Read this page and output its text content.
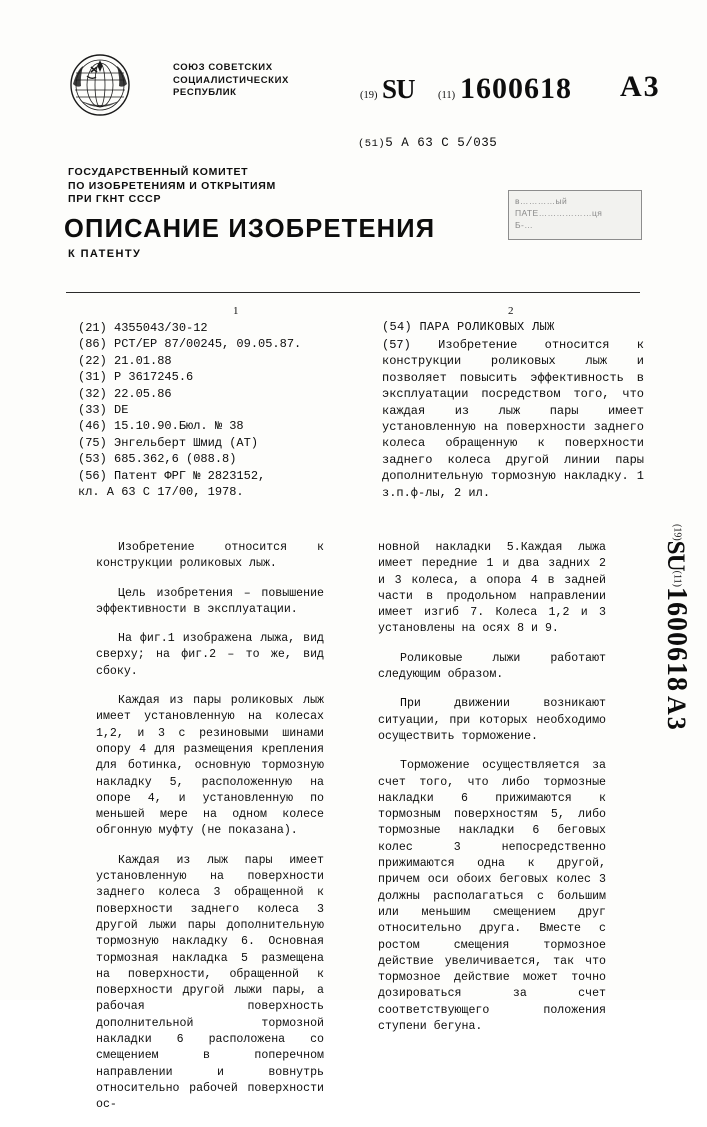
СОЮЗ СОВЕТСКИХ
СОЦИАЛИСТИЧЕСКИХ
РЕСПУБЛИК	(19) SU (11) 1600618 A3
(51)5 A 63 C 5/035
ГОСУДАРСТВЕННЫЙ КОМИТЕТ
ПО ИЗОБРЕТЕНИЯМ И ОТКРЫТИЯМ
ПРИ ГКНТ СССР
ОПИСАНИЕ ИЗОБРЕТЕНИЯ
К ПАТЕНТУ
в…………ый
ПАТЕ………………ця
Б-…
1	2
(21) 4355043/30-12
(86) PCT/EP 87/00245, 09.05.87.
(22) 21.01.88
(31) P 3617245.6
(32) 22.05.86
(33) DE
(46) 15.10.90.Бюл. № 38
(75) Энгельберт Шмид (АТ)
(53) 685.362,6 (088.8)
(56) Патент ФРГ № 2823152,
кл. А 63 С 17/00, 1978.
(54) ПАРА РОЛИКОВЫХ ЛЫЖ

(57) Изобретение относится к конструкции роликовых лыж и позволяет повысить эффективность в эксплуатации посредством того, что каждая из лыж пары имеет установленную на поверхности заднего колеса обращенную к поверхности заднего колеса другой линии пары дополнительную тормозную накладку. 1 з.п.ф-лы, 2 ил.

Изобретение относится к конструкции роликовых лыж.

Цель изобретения – повышение эффективности в эксплуатации.

На фиг.1 изображена лыжа, вид сверху; на фиг.2 – то же, вид сбоку.

Каждая из пары роликовых лыж имеет установленную на колесах 1,2, и 3 с резиновыми шинами опору 4 для размещения крепления для ботинка, основную тормозную накладку 5, расположенную на опоре 4, и установленную по меньшей мере на одном колесе обгонную муфту (не показана).

Каждая из лыж пары имеет установленную на поверхности заднего колеса 3 обращенной к поверхности заднего колеса 3 другой лыжи пары дополнительную тормозную накладку 6. Основная тормозная накладка 5 размещена на поверхности, обращенной к поверхности другой лыжи пары, а рабочая поверхность дополнительной тормозной накладки 6 расположена со смещением в поперечном направлении и вовнутрь относительно рабочей поверхности ос-

новной накладки 5.Каждая лыжа имеет передние 1 и два задних 2 и 3 колеса, а опора 4 в задней части в продольном направлении имеет изгиб 7. Колеса 1,2 и 3 установлены на осях 8 и 9.

Роликовые лыжи работают следующим образом.

При движении возникают ситуации, при которых необходимо осуществить торможение.

Торможение осуществляется за счет того, что либо тормозные накладки 6 прижимаются к тормозным поверхностям 5, либо тормозные накладки 6 беговых колес 3 непосредственно прижимаются одна к другой, причем оси обоих беговых колес 3 должны располагаться с большим или меньшим смещением друг относительно друга. Вместе с ростом смещения тормозное действие увеличивается, так что тормозное действие может точно дозироваться за счет соответствующего положения ступени бегуна.

$^{(19)}$SU$^{(11)}$1600618 A3
